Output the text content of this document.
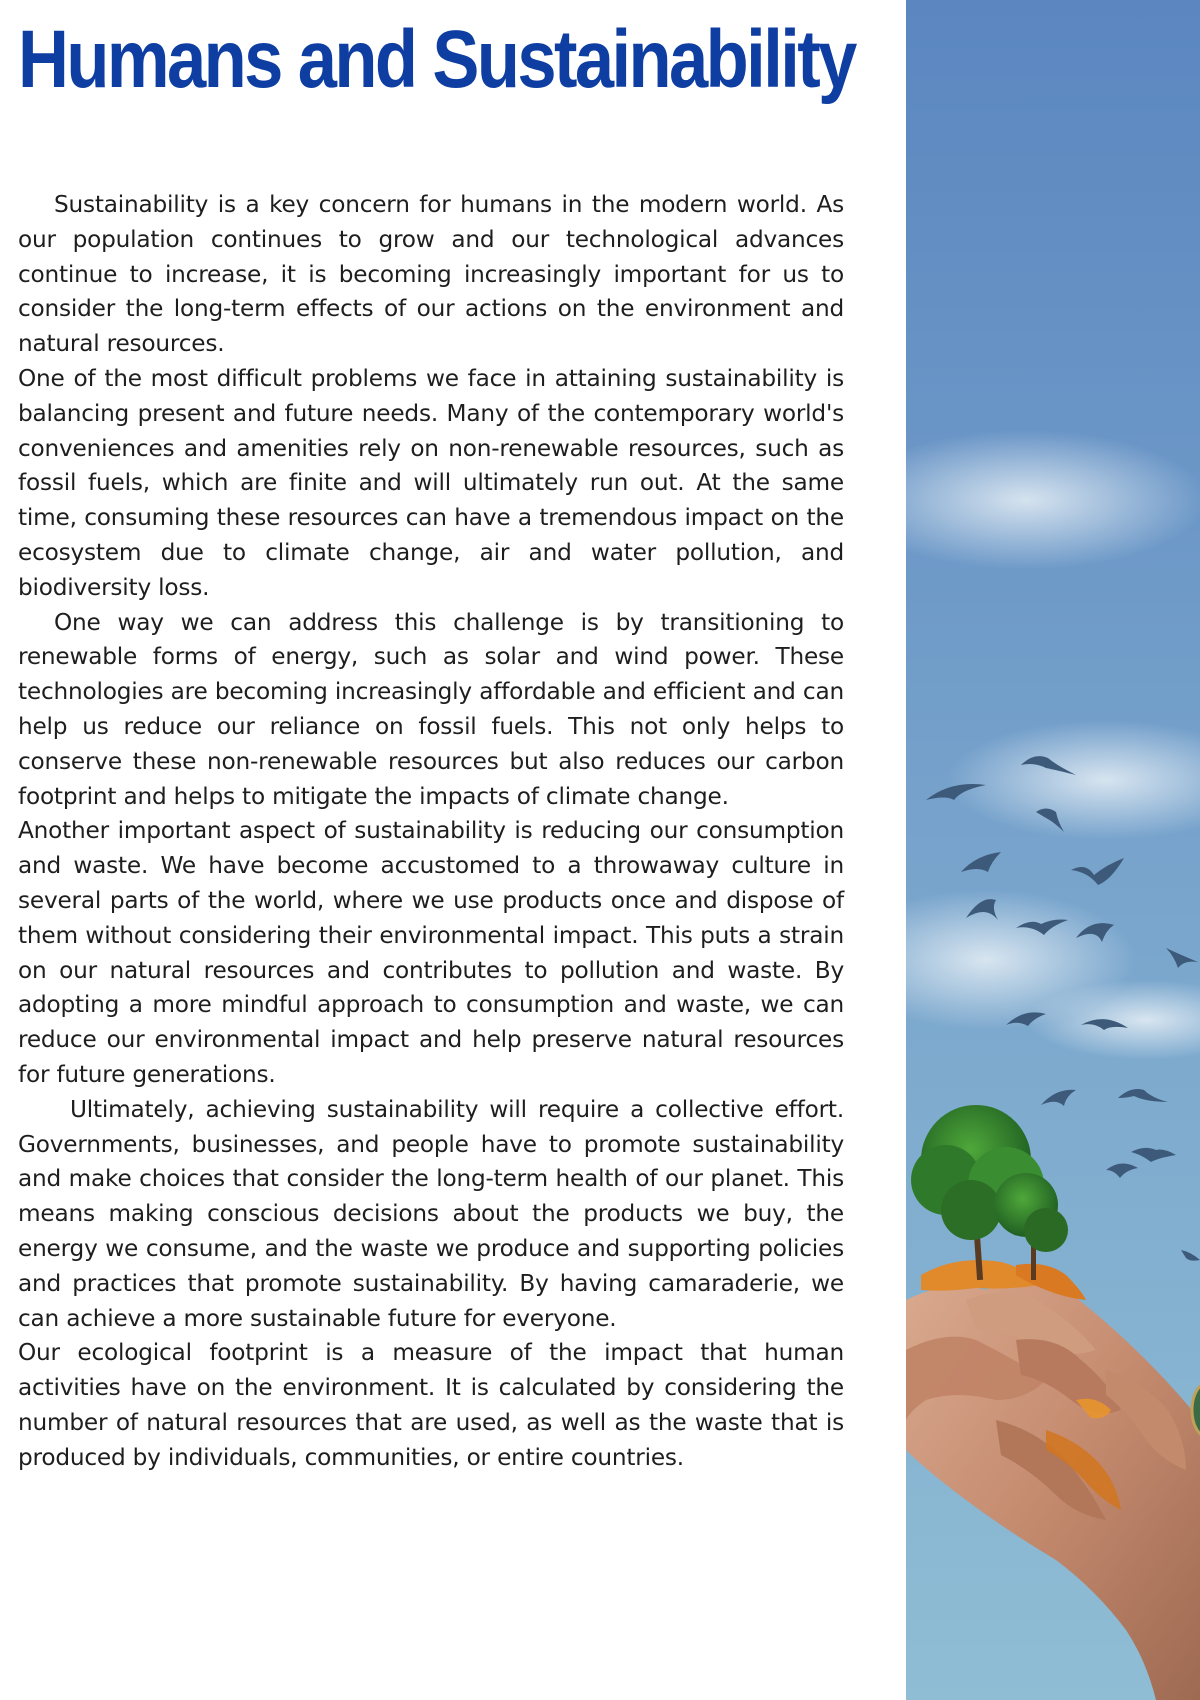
Humans and Sustainability

Sustainability is a key concern for humans in the modern world. As our population continues to grow and our technological advances continue to increase, it is becoming increasingly important for us to consider the long-term effects of our actions on the environment and natural resources.

One of the most difficult problems we face in attaining sustainability is balancing present and future needs. Many of the contemporary world's conveniences and amenities rely on non-renewable resources, such as fossil fuels, which are finite and will ultimately run out. At the same time, consuming these resources can have a tremendous impact on the ecosystem due to climate change, air and water pollution, and biodiversity loss.

One way we can address this challenge is by transitioning to renewable forms of energy, such as solar and wind power. These technologies are becoming increasingly affordable and efficient and can help us reduce our reliance on fossil fuels. This not only helps to conserve these non-renewable resources but also reduces our carbon footprint and helps to mitigate the impacts of climate change.

Another important aspect of sustainability is reducing our consumption and waste. We have become accustomed to a throwaway culture in several parts of the world, where we use products once and dispose of them without considering their environmental impact. This puts a strain on our natural resources and contributes to pollution and waste. By adopting a more mindful approach to consumption and waste, we can reduce our environmental impact and help preserve natural resources for future generations.

Ultimately, achieving sustainability will require a collective effort. Governments, businesses, and people have to promote sustainability and make choices that consider the long-term health of our planet. This means making conscious decisions about the products we buy, the energy we consume, and the waste we produce and supporting policies and practices that promote sustainability. By having camaraderie, we can achieve a more sustainable future for everyone.

Our ecological footprint is a measure of the impact that human activities have on the environment. It is calculated by considering the number of natural resources that are used, as well as the waste that is produced by individuals, communities, or entire countries.
